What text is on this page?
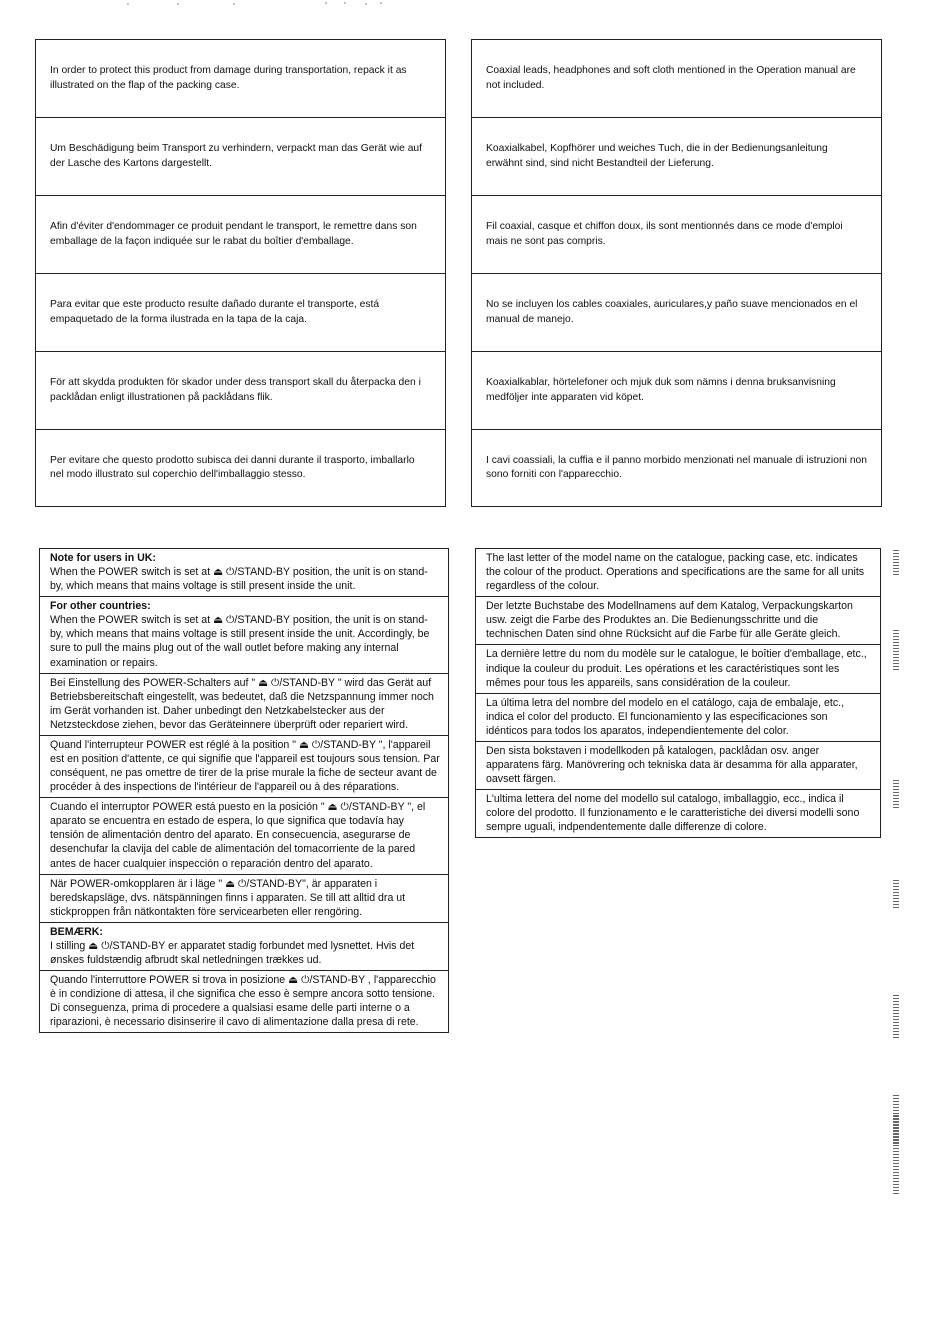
In order to protect this product from damage during transportation, repack it as illustrated on the flap of the packing case.
Um Beschädigung beim Transport zu verhindern, verpackt man das Gerät wie auf der Lasche des Kartons dargestellt.
Afin d'éviter d'endommager ce produit pendant le transport, le remettre dans son emballage de la façon indiquée sur le rabat du boîtier d'emballage.
Para evitar que este producto resulte dañado durante el transporte, está empaquetado de la forma ilustrada en la tapa de la caja.
För att skydda produkten för skador under dess transport skall du återpacka den i packlådan enligt illustrationen på packlådans flik.
Per evitare che questo prodotto subisca dei danni durante il trasporto, imballarlo nel modo illustrato sul coperchio dell'imballaggio stesso.
Coaxial leads, headphones and soft cloth mentioned in the Operation manual are not included.
Koaxialkabel, Kopfhörer und weiches Tuch, die in der Bedienungsanleitung erwähnt sind, sind nicht Bestandteil der Lieferung.
Fil coaxial, casque et chiffon doux, ils sont mentionnés dans ce mode d'emploi mais ne sont pas compris.
No se incluyen los cables coaxiales, auriculares,y paño suave mencionados en el manual de manejo.
Koaxialkablar, hörtelefoner och mjuk duk som nämns i denna bruksanvisning medföljer inte apparaten vid köpet.
I cavi coassiali, la cuffia e il panno morbido menzionati nel manuale di istruzioni non sono forniti con l'apparecchio.
Note for users in UK:
When the POWER switch is set at ⏏ ⏻/STAND-BY position, the unit is on stand-by, which means that mains voltage is still present inside the unit.
For other countries:
When the POWER switch is set at ⏏ ⏻/STAND-BY position, the unit is on stand-by, which means that mains voltage is still present inside the unit. Accordingly, be sure to pull the mains plug out of the wall outlet before making any internal examination or repairs.
Bei Einstellung des POWER-Schalters auf " ⏏ ⏻/STAND-BY " wird das Gerät auf Betriebsbereitschaft eingestellt, was bedeutet, daß die Netzspannung immer noch im Gerät vorhanden ist. Daher unbedingt den Netzkabelstecker aus der Netzsteckdose ziehen, bevor das Geräteinnere überprüft oder repariert wird.
Quand l'interrupteur POWER est réglé à la position " ⏏ ⏻/STAND-BY ", l'appareil est en position d'attente, ce qui signifie que l'appareil est toujours sous tension. Par conséquent, ne pas omettre de tirer de la prise murale la fiche de secteur avant de procéder à des inspections de l'intérieur de l'appareil ou à des réparations.
Cuando el interruptor POWER está puesto en la posición " ⏏ ⏻/STAND-BY ", el aparato se encuentra en estado de espera, lo que significa que todavía hay tensión de alimentación dentro del aparato. En consecuencia, asegurarse de desenchufar la clavija del cable de alimentación del tomacorriente de la pared antes de hacer cualquier inspección o reparación dentro del aparato.
När POWER-omkopplaren är i läge " ⏏ ⏻/STAND-BY", är apparaten i beredskapsläge, dvs. nätspänningen finns i apparaten. Se till att alltid dra ut stickproppen från nätkontakten före servicearbeten eller rengöring.
BEMÆRK:
I stilling ⏏ ⏻/STAND-BY er apparatet stadig forbundet med lysnettet. Hvis det ønskes fuldstændig afbrudt skal netledningen trækkes ud.
Quando l'interruttore POWER si trova in posizione ⏏ ⏻/STAND-BY , l'apparecchio è in condizione di attesa, il che significa che esso è sempre ancora sotto tensione. Di conseguenza, prima di procedere a qualsiasi esame delle parti interne o a riparazioni, è necessario disinserire il cavo di alimentazione dalla presa di rete.
The last letter of the model name on the catalogue, packing case, etc. indicates the colour of the product. Operations and specifications are the same for all units regardless of the colour.
Der letzte Buchstabe des Modellnamens auf dem Katalog, Verpackungskarton usw. zeigt die Farbe des Produktes an. Die Bedienungsschritte und die technischen Daten sind ohne Rücksicht auf die Farbe für alle Geräte gleich.
La dernière lettre du nom du modèle sur le catalogue, le boîtier d'emballage, etc., indique la couleur du produit. Les opérations et les caractéristiques sont les mêmes pour tous les appareils, sans considération de la couleur.
La última letra del nombre del modelo en el catálogo, caja de embalaje, etc., indica el color del producto. El funcionamiento y las especificaciones son idénticos para todos los aparatos, independientemente del color.
Den sista bokstaven i modellkoden på katalogen, packlådan osv. anger apparatens färg. Manövrering och tekniska data är desamma för alla apparater, oavsett färgen.
L'ultima lettera del nome del modello sul catalogo, imballaggio, ecc., indica il colore del prodotto. Il funzionamento e le caratteristiche dei diversi modelli sono sempre uguali, indpendentemente dalle differenze di colore.
